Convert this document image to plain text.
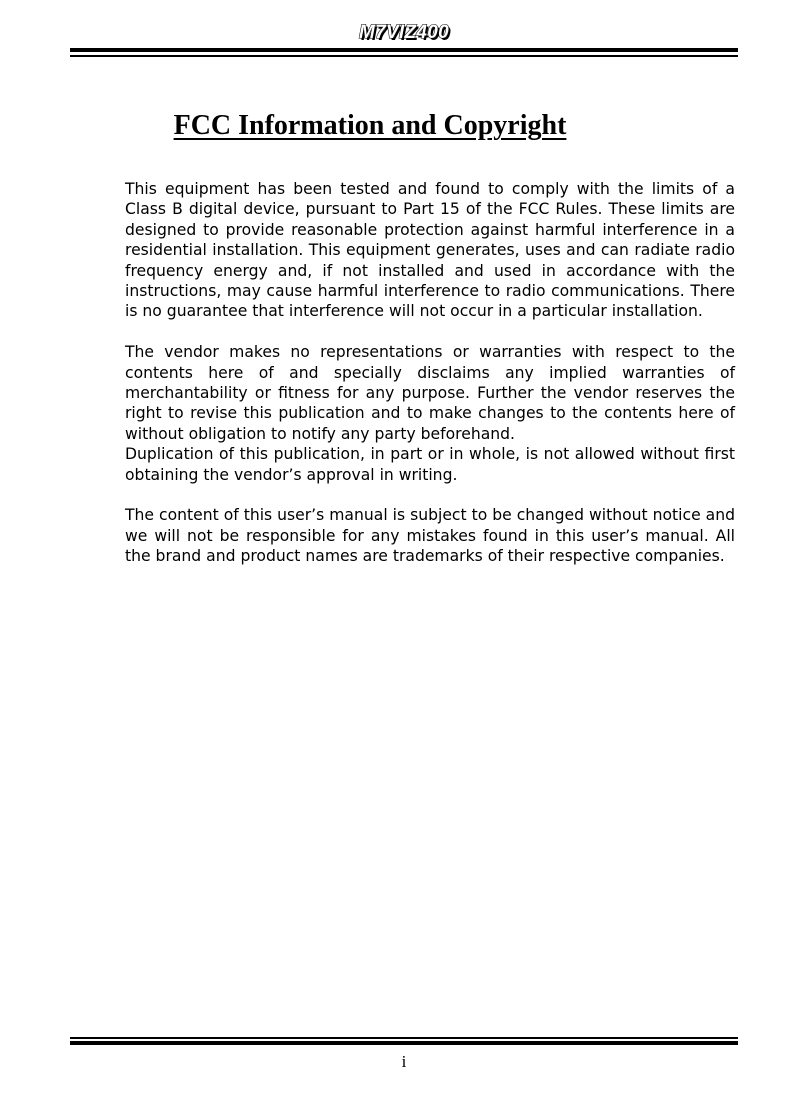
M7VIZ400
FCC Information and Copyright

This equipment has been tested and found to comply with the limits of a Class B digital device, pursuant to Part 15 of the FCC Rules. These limits are designed to provide reasonable protection against harmful interference in a residential installation. This equipment generates, uses and can radiate radio frequency energy and, if not installed and used in accordance with the instructions, may cause harmful interference to radio communications. There is no guarantee that interference will not occur in a particular installation.

The vendor makes no representations or warranties with respect to the contents here of and specially disclaims any implied warranties of merchantability or fitness for any purpose. Further the vendor reserves the right to revise this publication and to make changes to the contents here of without obligation to notify any party beforehand.

Duplication of this publication, in part or in whole, is not allowed without first obtaining the vendor’s approval in writing.

The content of this user’s manual is subject to be changed without notice and we will not be responsible for any mistakes found in this user’s manual. All the brand and product names are trademarks of their respective companies.

i
